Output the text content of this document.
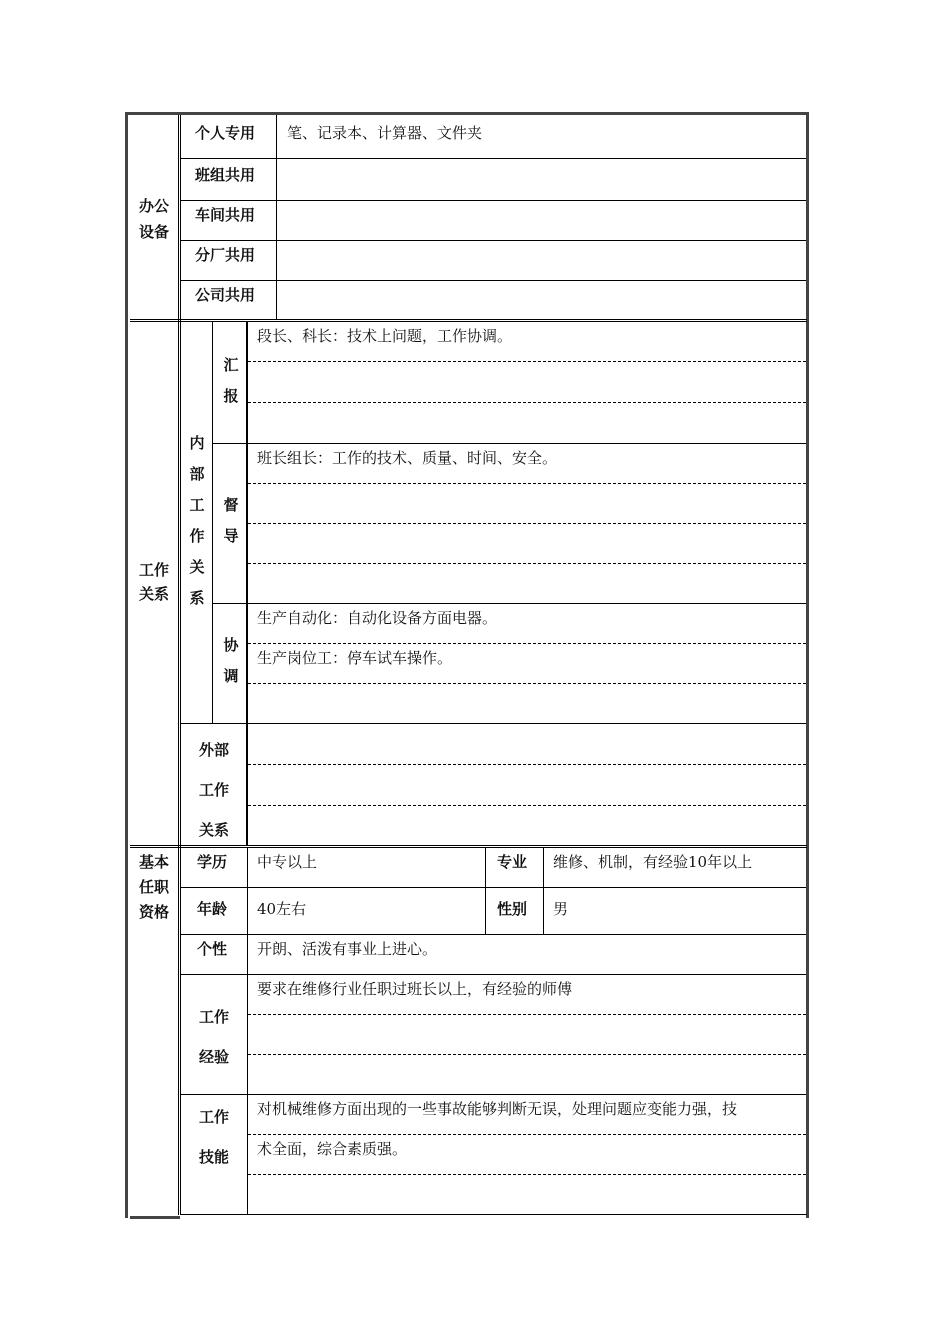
办公
设备
个人专用 笔、记录本、计算器、文件夹
班组共用
车间共用
分厂共用
公司共用
工作
关系
内
部
工
作
关
系
汇
报
段长、科长：技术上问题，工作协调。
督
导
班长组长：工作的技术、质量、时间、安全。
协
调
生产自动化：自动化设备方面电器。
生产岗位工：停车试车操作。
外部
工作
关系
基本
任职
资格
学历 中专以上	专业 维修、机制，有经验10年以上
年龄 40左右	性别 男
个性 开朗、活泼有事业上进心。
工作
经验
要求在维修行业任职过班长以上，有经验的师傅
工作
技能
对机械维修方面出现的一些事故能够判断无误，处理问题应变能力强，技
术全面，综合素质强。
